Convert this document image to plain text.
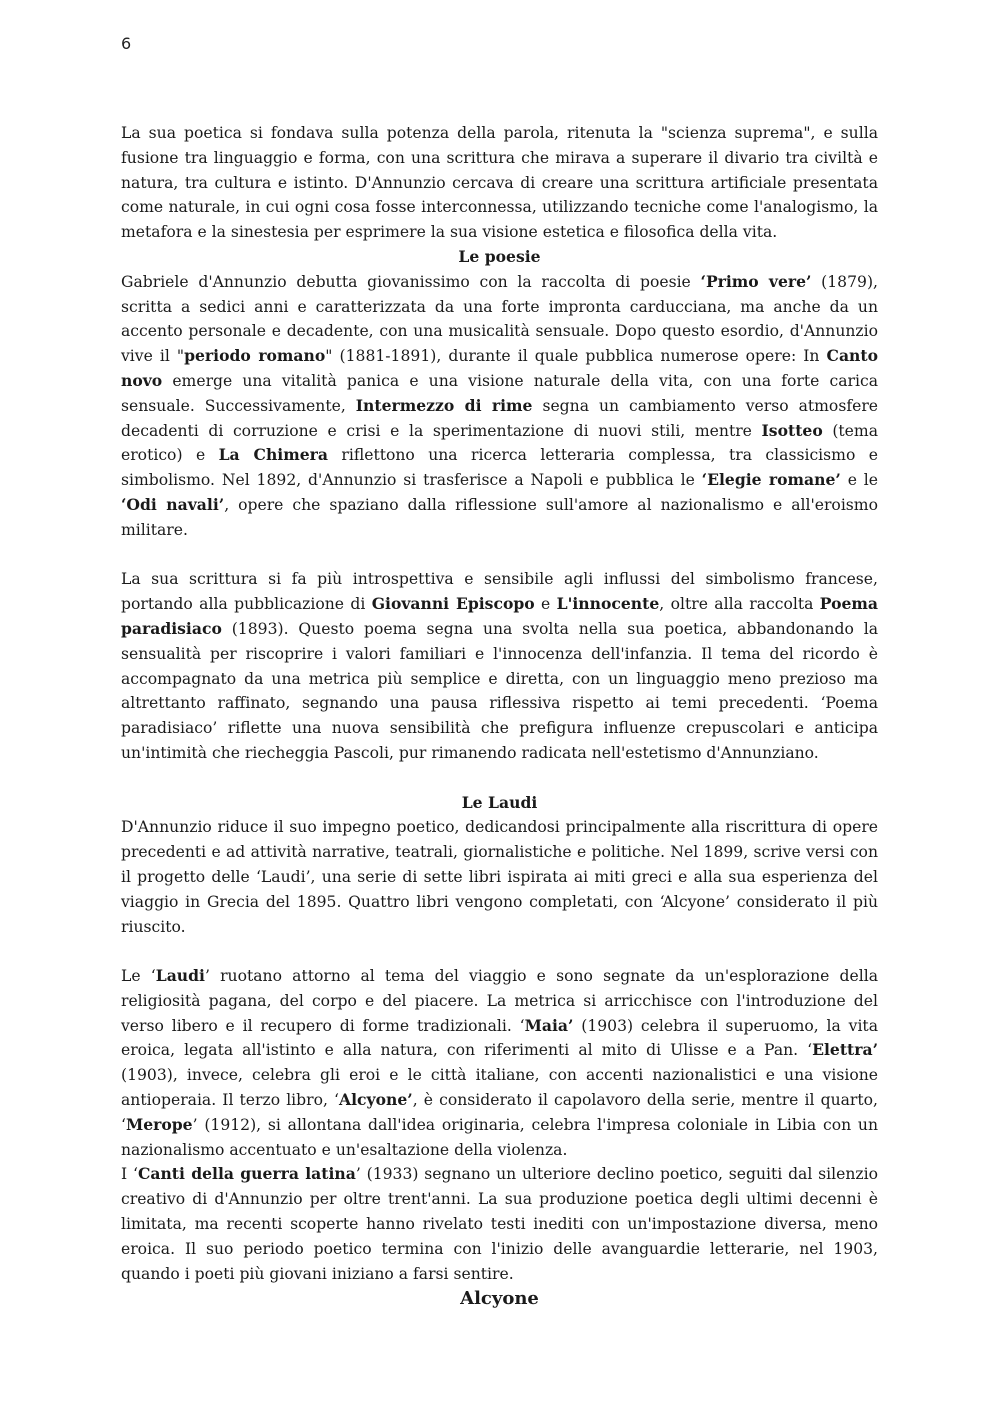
6

La sua poetica si fondava sulla potenza della parola, ritenuta la "scienza suprema", e sulla fusione tra linguaggio e forma, con una scrittura che mirava a superare il divario tra civiltà e natura, tra cultura e istinto. D'Annunzio cercava di creare una scrittura artificiale presentata come naturale, in cui ogni cosa fosse interconnessa, utilizzando tecniche come l'analogismo, la metafora e la sinestesia per esprimere la sua visione estetica e filosofica della vita.

Le poesie

Gabriele d'Annunzio debutta giovanissimo con la raccolta di poesie ‘Primo vere’ (1879), scritta a sedici anni e caratterizzata da una forte impronta carducciana, ma anche da un accento personale e decadente, con una musicalità sensuale. Dopo questo esordio, d'Annunzio vive il "periodo romano" (1881-1891), durante il quale pubblica numerose opere: In Canto novo emerge una vitalità panica e una visione naturale della vita, con una forte carica sensuale. Successivamente, Intermezzo di rime segna un cambiamento verso atmosfere decadenti di corruzione e crisi e la sperimentazione di nuovi stili, mentre Isotteo (tema erotico) e La Chimera riflettono una ricerca letteraria complessa, tra classicismo e simbolismo. Nel 1892, d'Annunzio si trasferisce a Napoli e pubblica le ‘Elegie romane’ e le ‘Odi navali’, opere che spaziano dalla riflessione sull'amore al nazionalismo e all'eroismo militare.

La sua scrittura si fa più introspettiva e sensibile agli influssi del simbolismo francese, portando alla pubblicazione di Giovanni Episcopo e L'innocente, oltre alla raccolta Poema paradisiaco (1893). Questo poema segna una svolta nella sua poetica, abbandonando la sensualità per riscoprire i valori familiari e l'innocenza dell'infanzia. Il tema del ricordo è accompagnato da una metrica più semplice e diretta, con un linguaggio meno prezioso ma altrettanto raffinato, segnando una pausa riflessiva rispetto ai temi precedenti. ‘Poema paradisiaco’ riflette una nuova sensibilità che prefigura influenze crepuscolari e anticipa un'intimità che riecheggia Pascoli, pur rimanendo radicata nell'estetismo d'Annunziano.

Le Laudi

D'Annunzio riduce il suo impegno poetico, dedicandosi principalmente alla riscrittura di opere precedenti e ad attività narrative, teatrali, giornalistiche e politiche. Nel 1899, scrive versi con il progetto delle ‘Laudi’, una serie di sette libri ispirata ai miti greci e alla sua esperienza del viaggio in Grecia del 1895. Quattro libri vengono completati, con ‘Alcyone’ considerato il più riuscito.

Le ‘Laudi’ ruotano attorno al tema del viaggio e sono segnate da un'esplorazione della religiosità pagana, del corpo e del piacere. La metrica si arricchisce con l'introduzione del verso libero e il recupero di forme tradizionali. ‘Maia’ (1903) celebra il superuomo, la vita eroica, legata all'istinto e alla natura, con riferimenti al mito di Ulisse e a Pan. ‘Elettra’ (1903), invece, celebra gli eroi e le città italiane, con accenti nazionalistici e una visione antioperaia. Il terzo libro, ‘Alcyone’, è considerato il capolavoro della serie, mentre il quarto, ‘Merope’ (1912), si allontana dall'idea originaria, celebra l'impresa coloniale in Libia con un nazionalismo accentuato e un'esaltazione della violenza.

I ‘Canti della guerra latina’ (1933) segnano un ulteriore declino poetico, seguiti dal silenzio creativo di d'Annunzio per oltre trent'anni. La sua produzione poetica degli ultimi decenni è limitata, ma recenti scoperte hanno rivelato testi inediti con un'impostazione diversa, meno eroica. Il suo periodo poetico termina con l'inizio delle avanguardie letterarie, nel 1903, quando i poeti più giovani iniziano a farsi sentire.

Alcyone
